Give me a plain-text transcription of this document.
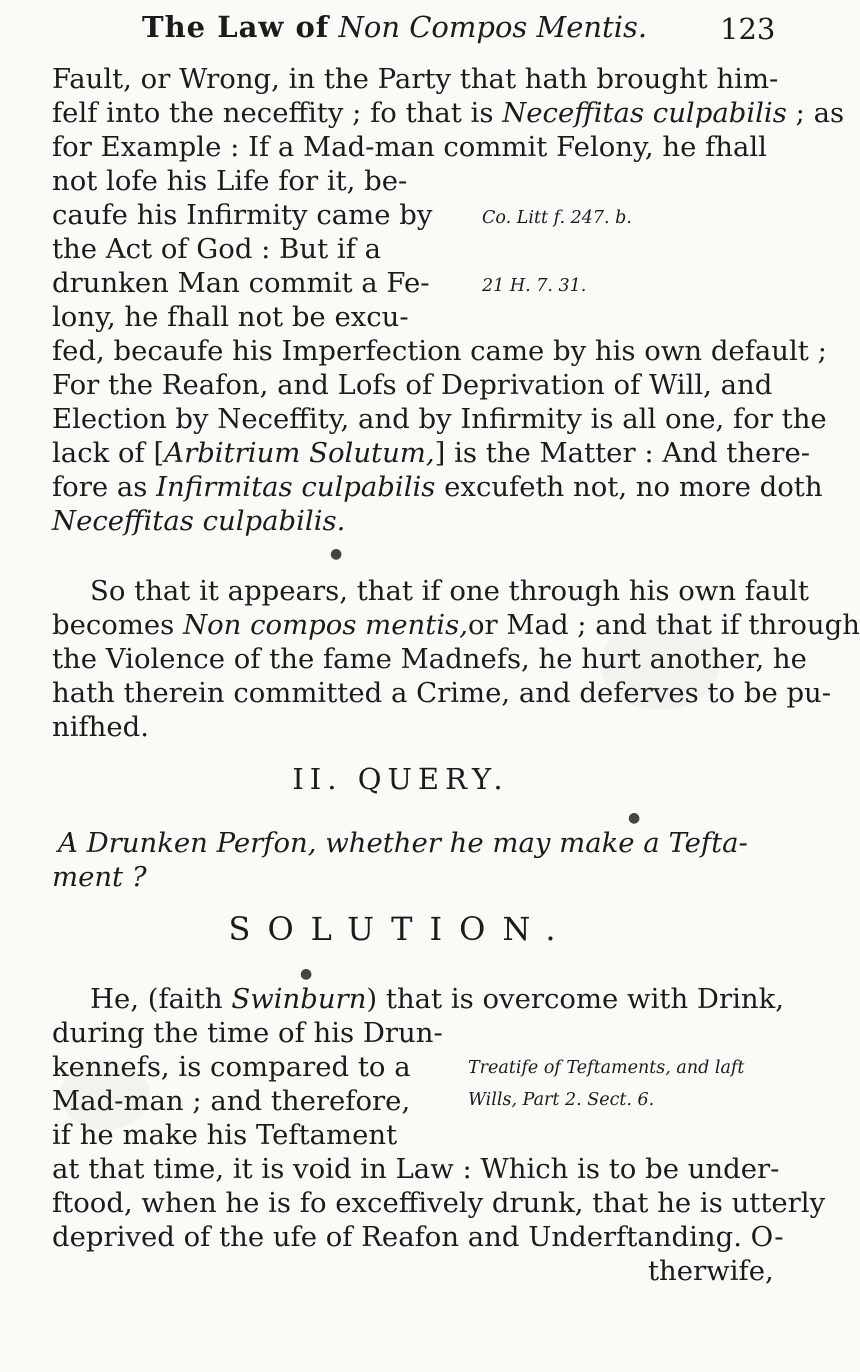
The Law of Non Compos Mentis.	123
Fault, or Wrong, in the Party that hath brought him-
felf into the neceffity ; fo that is Neceffitas culpabilis ; as
for Example : If a Mad-man commit Felony, he fhall
not lofe his Life for it, be-
caufe his Infirmity came by
the Act of God : But if a
drunken Man commit a Fe-
lony, he fhall not be excu-
fed, becaufe his Imperfection came by his own default ;
For the Reafon, and Lofs of Deprivation of Will, and
Election by Neceffity, and by Infirmity is all one, for the
lack of [Arbitrium Solutum,] is the Matter : And there-
fore as Infirmitas culpabilis excufeth not, no more doth
Neceffitas culpabilis.
Co. Litt f. 247. b.
21 H. 7. 31.
●
So that it appears, that if one through his own fault
becomes Non compos mentis,or Mad ; and that if through
the Violence of the fame Madnefs, he hurt another, he
hath therein committed a Crime, and deferves to be pu-
nifhed.
II. QUERY.
●
A Drunken Perfon, whether he may make a Tefta-
ment ?
SOLUTION.
●
He, (faith Swinburn) that is overcome with Drink,
during the time of his Drun-
kennefs, is compared to a
Mad-man ; and therefore,
if he make his Teftament
at that time, it is void in Law : Which is to be under-
ftood, when he is fo exceffively drunk, that he is utterly
deprived of the ufe of Reafon and Underftanding. O-
therwife,
Treatife of Teftaments, and laft
Wills, Part 2. Sect. 6.
